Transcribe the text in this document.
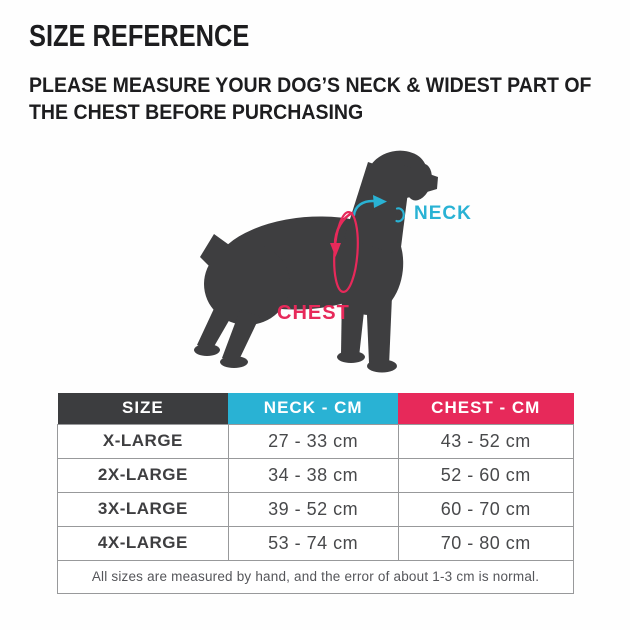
SIZE REFERENCE
PLEASE MEASURE YOUR DOG’S NECK & WIDEST PART OF
THE CHEST BEFORE PURCHASING
NECK
CHEST
SIZE	NECK - CM	CHEST - CM
X-LARGE	27 - 33 cm	43 - 52 cm
2X-LARGE	34 - 38 cm	52 - 60 cm
3X-LARGE	39 - 52 cm	60 - 70 cm
4X-LARGE	53 - 74 cm	70 - 80 cm
All sizes are measured by hand, and the error of about 1-3 cm is normal.		
